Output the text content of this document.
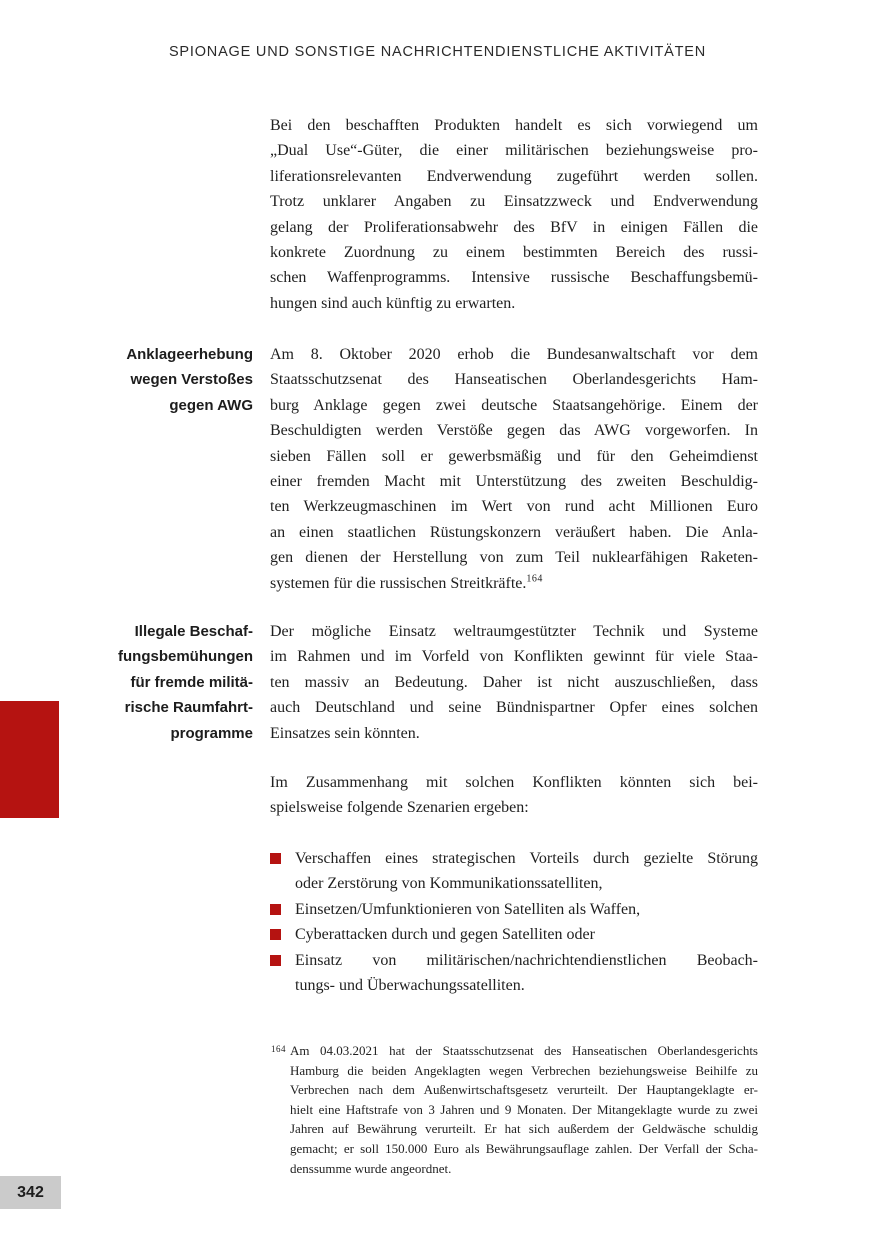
SPIONAGE UND SONSTIGE NACHRICHTENDIENSTLICHE AKTIVITÄTEN
Bei den beschafften Produkten handelt es sich vorwiegend um
„Dual Use“-Güter, die einer militärischen beziehungsweise pro-
liferationsrelevanten Endverwendung zugeführt werden sollen.
Trotz unklarer Angaben zu Einsatzzweck und Endverwendung
gelang der Proliferationsabwehr des BfV in einigen Fällen die
konkrete Zuordnung zu einem bestimmten Bereich des russi-
schen Waffenprogramms. Intensive russische Beschaffungsbemü-
hungen sind auch künftig zu erwarten.
Anklageerhebung
wegen Verstoßes
gegen AWG
Am 8. Oktober 2020 erhob die Bundesanwaltschaft vor dem
Staatsschutzsenat des Hanseatischen Oberlandesgerichts Ham-
burg Anklage gegen zwei deutsche Staatsangehörige. Einem der
Beschuldigten werden Verstöße gegen das AWG vorgeworfen. In
sieben Fällen soll er gewerbsmäßig und für den Geheimdienst
einer fremden Macht mit Unterstützung des zweiten Beschuldig-
ten Werkzeugmaschinen im Wert von rund acht Millionen Euro
an einen staatlichen Rüstungskonzern veräußert haben. Die Anla-
gen dienen der Herstellung von zum Teil nuklearfähigen Raketen-
systemen für die russischen Streitkräfte.$^{164}$
Illegale Beschaf-
fungsbemühungen
für fremde militä-
rische Raumfahrt-
programme
Der mögliche Einsatz weltraumgestützter Technik und Systeme
im Rahmen und im Vorfeld von Konflikten gewinnt für viele Staa-
ten massiv an Bedeutung. Daher ist nicht auszuschließen, dass
auch Deutschland und seine Bündnispartner Opfer eines solchen
Einsatzes sein könnten.
Im Zusammenhang mit solchen Konflikten könnten sich bei-
spielsweise folgende Szenarien ergeben:
Verschaffen eines strategischen Vorteils durch gezielte Störung
oder Zerstörung von Kommunikationssatelliten,
Einsetzen/Umfunktionieren von Satelliten als Waffen,
Cyberattacken durch und gegen Satelliten oder
Einsatz von militärischen/nachrichtendienstlichen Beobach-
tungs- und Überwachungssatelliten.
164 Am 04.03.2021 hat der Staatsschutzsenat des Hanseatischen Oberlandesgerichts
Hamburg die beiden Angeklagten wegen Verbrechen beziehungsweise Beihilfe zu
Verbrechen nach dem Außenwirtschaftsgesetz verurteilt. Der Hauptangeklagte er-
hielt eine Haftstrafe von 3 Jahren und 9 Monaten. Der Mitangeklagte wurde zu zwei
Jahren auf Bewährung verurteilt. Er hat sich außerdem der Geldwäsche schuldig
gemacht; er soll 150.000 Euro als Bewährungsauflage zahlen. Der Verfall der Scha-
denssumme wurde angeordnet.
342
